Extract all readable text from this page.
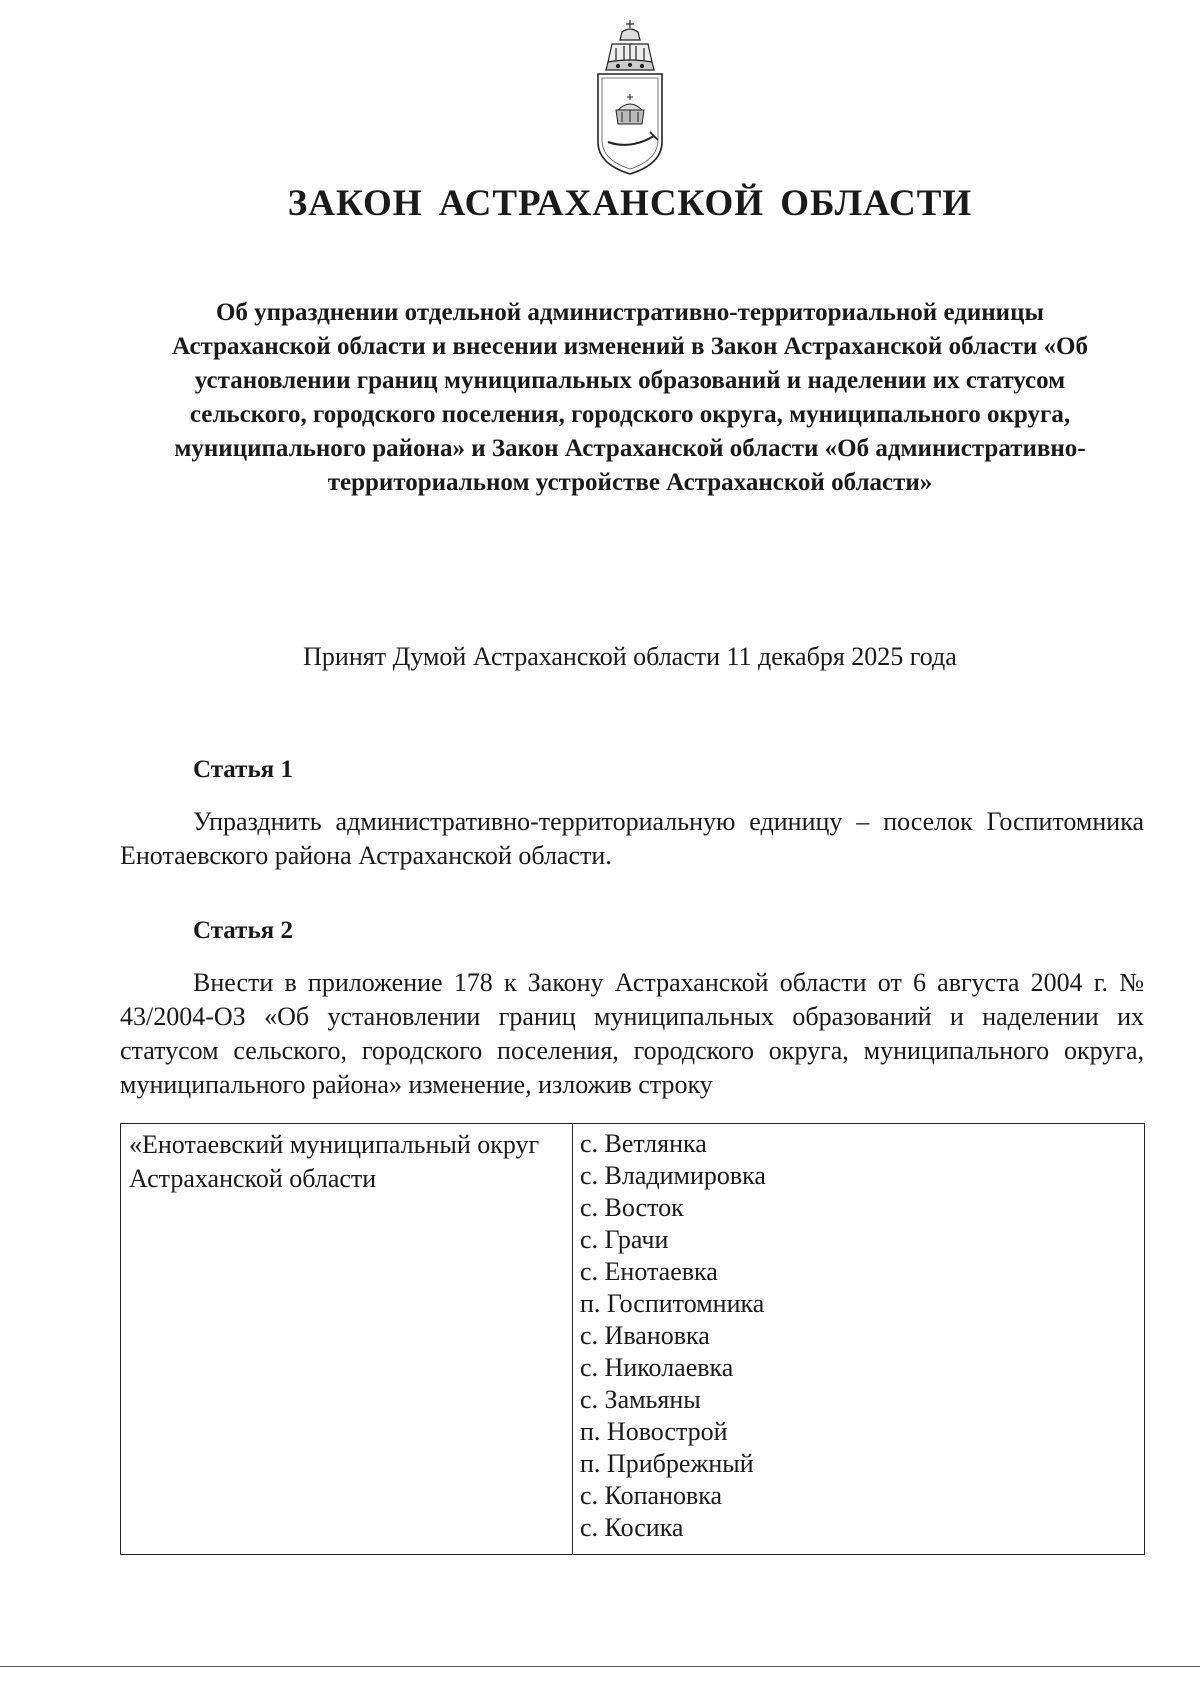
ЗАКОН АСТРАХАНСКОЙ ОБЛАСТИ
Об упразднении отдельной административно-территориальной единицы Астраханской области и внесении изменений в Закон Астраханской области «Об установлении границ муниципальных образований и наделении их статусом сельского, городского поселения, городского округа, муниципального округа, муниципального района» и Закон Астраханской области «Об административно-территориальном устройстве Астраханской области»
Принят Думой Астраханской области 11 декабря 2025 года
Статья 1
Упразднить административно-территориальную единицу – поселок Госпитомника Енотаевского района Астраханской области.
Статья 2
Внести в приложение 178 к Закону Астраханской области от 6 августа 2004 г. № 43/2004-ОЗ «Об установлении границ муниципальных образований и наделении их статусом сельского, городского поселения, городского округа, муниципального округа, муниципального района» изменение, изложив строку
«Енотаевский муниципальный округ Астраханской области
с. Ветлянка
с. Владимировка
с. Восток
с. Грачи
с. Енотаевка
п. Госпитомника
с. Ивановка
с. Николаевка
с. Замьяны
п. Новострой
п. Прибрежный
с. Копановка
с. Косика
